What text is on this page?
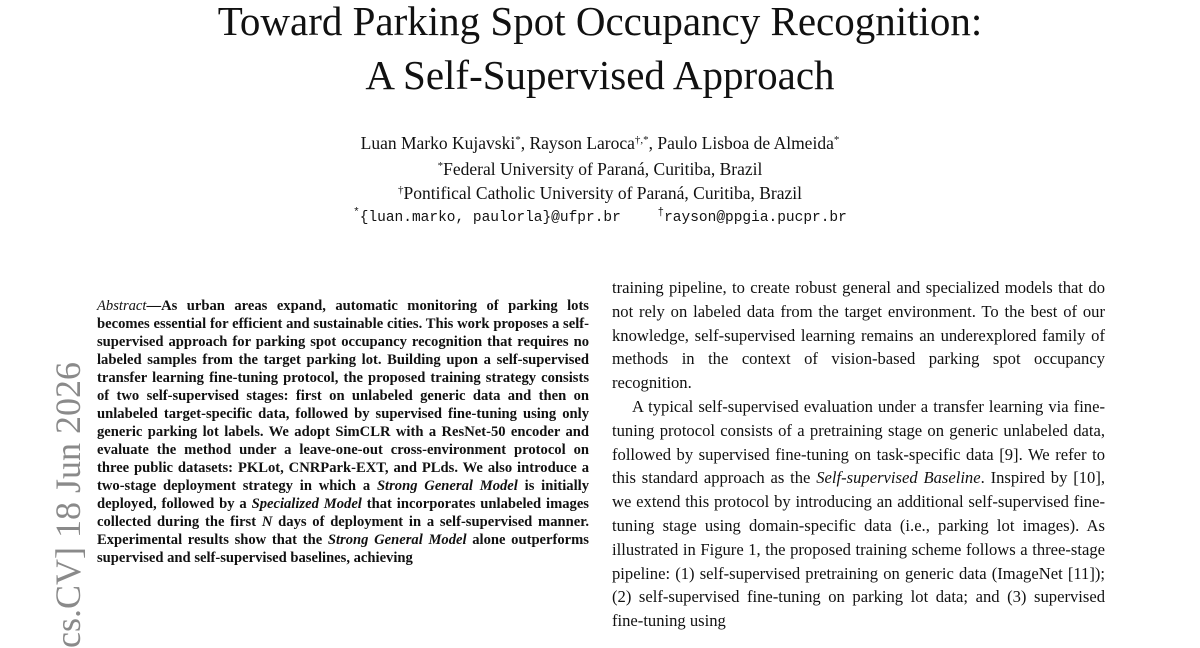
cs.CV] 18 Jun 2026
Toward Parking Spot Occupancy Recognition:
A Self-Supervised Approach
Luan Marko Kujavski*, Rayson Laroca†,*, Paulo Lisboa de Almeida*
*Federal University of Paraná, Curitiba, Brazil
†Pontifical Catholic University of Paraná, Curitiba, Brazil
*{luan.marko, paulorla}@ufpr.br	†rayson@ppgia.pucpr.br

Abstract—As urban areas expand, automatic monitoring of parking lots becomes essential for efficient and sustainable cities. This work proposes a self-supervised approach for parking spot occupancy recognition that requires no labeled samples from the target parking lot. Building upon a self-supervised transfer learning fine-tuning protocol, the proposed training strategy consists of two self-supervised stages: first on unlabeled generic data and then on unlabeled target-specific data, followed by supervised fine-tuning using only generic parking lot labels. We adopt SimCLR with a ResNet-50 encoder and evaluate the method under a leave-one-out cross-environment protocol on three public datasets: PKLot, CNRPark-EXT, and PLds. We also introduce a two-stage deployment strategy in which a Strong General Model is initially deployed, followed by a Specialized Model that incorporates unlabeled images collected during the first N days of deployment in a self-supervised manner. Experimental results show that the Strong General Model alone outperforms supervised and self-supervised baselines, achieving

training pipeline, to create robust general and specialized models that do not rely on labeled data from the target environment. To the best of our knowledge, self-supervised learning remains an underexplored family of methods in the context of vision-based parking spot occupancy recognition.

A typical self-supervised evaluation under a transfer learning via fine-tuning protocol consists of a pretraining stage on generic unlabeled data, followed by supervised fine-tuning on task-specific data [9]. We refer to this standard approach as the Self-supervised Baseline. Inspired by [10], we extend this protocol by introducing an additional self-supervised fine-tuning stage using domain-specific data (i.e., parking lot images). As illustrated in Figure 1, the proposed training scheme follows a three-stage pipeline: (1) self-supervised pretraining on generic data (ImageNet [11]); (2) self-supervised fine-tuning on parking lot data; and (3) supervised fine-tuning using
